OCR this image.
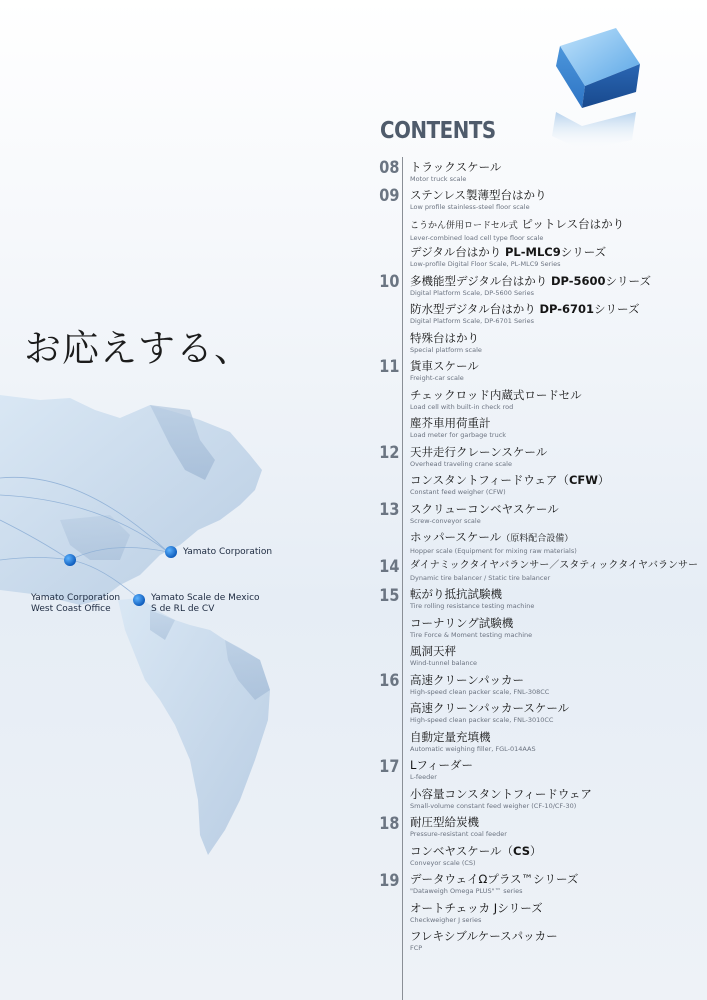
お応えする、
Yamato Corporation
Yamato Corporation
West Coast Office
Yamato Scale de Mexico
S de RL de CV
CONTENTS
08
09
10
11
12
13
14
15
16
17
18
19
トラックスケール
Motor truck scale
ステンレス製薄型台はかり
Low profile stainless-steel floor scale
こうかん併用ロードセル式 ピットレス台はかり
Lever-combined load cell type floor scale
デジタル台はかり PL-MLC9シリーズ
Low-profile Digital Floor Scale, PL-MLC9 Series
多機能型デジタル台はかり DP-5600シリーズ
Digital Platform Scale, DP-5600 Series
防水型デジタル台はかり DP-6701シリーズ
Digital Platform Scale, DP-6701 Series
特殊台はかり
Special platform scale
貨車スケール
Freight-car scale
チェックロッド内蔵式ロードセル
Load cell with built-in check rod
塵芥車用荷重計
Load meter for garbage truck
天井走行クレーンスケール
Overhead traveling crane scale
コンスタントフィードウェア（CFW）
Constant feed weigher (CFW)
スクリューコンベヤスケール
Screw-conveyor scale
ホッパースケール（原料配合設備）
Hopper scale (Equipment for mixing raw materials)
ダイナミックタイヤバランサー／スタティックタイヤバランサー
Dynamic tire balancer / Static tire balancer
転がり抵抗試験機
Tire rolling resistance testing machine
コーナリング試験機
Tire Force & Moment testing machine
風洞天秤
Wind-tunnel balance
高速クリーンパッカー
High-speed clean packer scale, FNL-308CC
高速クリーンパッカースケール
High-speed clean packer scale, FNL-3010CC
自動定量充填機
Automatic weighing filler, FGL-014AAS
Lフィーダー
L-feeder
小容量コンスタントフィードウェア
Small-volume constant feed weigher (CF-10/CF-30)
耐圧型給炭機
Pressure-resistant coal feeder
コンベヤスケール（CS）
Conveyor scale (CS)
データウェイΩプラス™シリーズ
"Dataweigh Omega PLUS"™ series
オートチェッカ Jシリーズ
Checkweigher J series
フレキシブルケースパッカー
FCP
